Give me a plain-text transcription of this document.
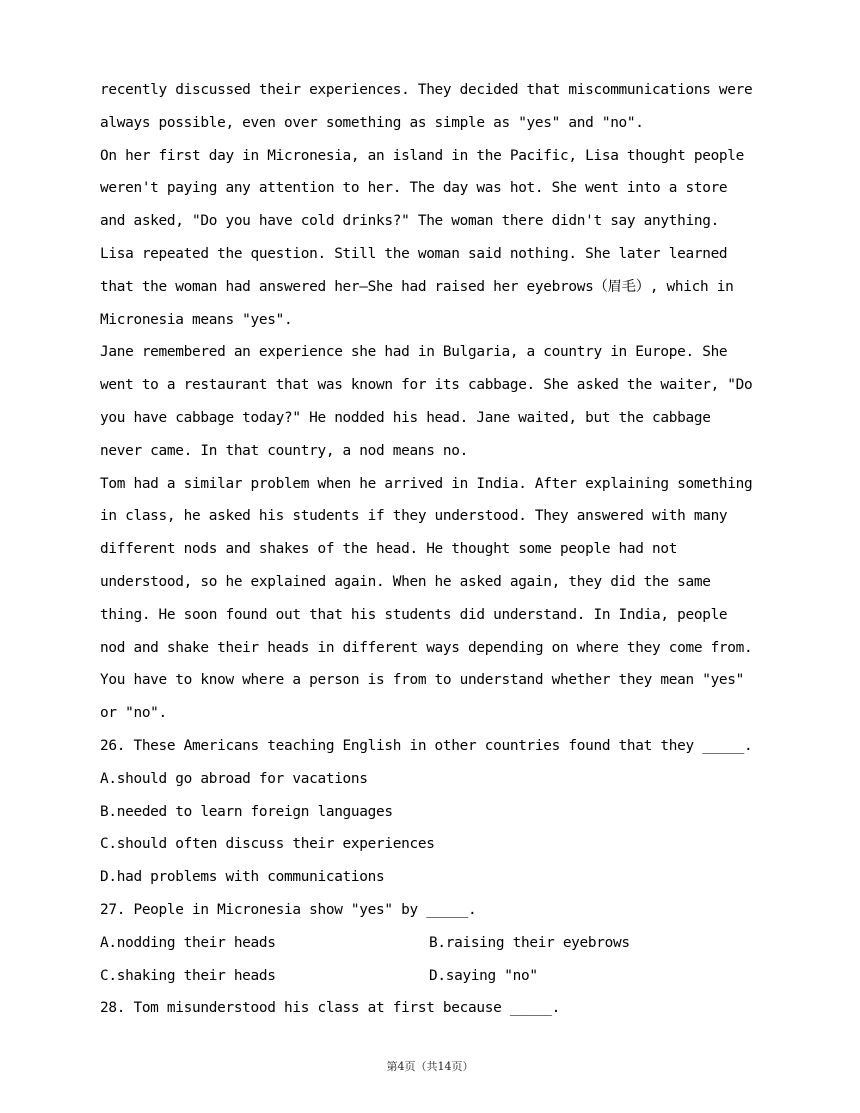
recently discussed their experiences. They decided that miscommunications were
always possible, even over something as simple as "yes" and "no".
On her first day in Micronesia, an island in the Pacific, Lisa thought people
weren't paying any attention to her. The day was hot. She went into a store
and asked, "Do you have cold drinks?" The woman there didn't say anything.
Lisa repeated the question. Still the woman said nothing. She later learned
that the woman had answered her—She had raised her eyebrows（眉毛）, which in
Micronesia means "yes".
Jane remembered an experience she had in Bulgaria, a country in Europe. She
went to a restaurant that was known for its cabbage. She asked the waiter, "Do
you have cabbage today?" He nodded his head. Jane waited, but the cabbage
never came. In that country, a nod means no.
Tom had a similar problem when he arrived in India. After explaining something
in class, he asked his students if they understood. They answered with many
different nods and shakes of the head. He thought some people had not
understood, so he explained again. When he asked again, they did the same
thing. He soon found out that his students did understand. In India, people
nod and shake their heads in different ways depending on where they come from.
You have to know where a person is from to understand whether they mean "yes"
or "no".
26. These Americans teaching English in other countries found that they _____.
A.should go abroad for vacations
B.needed to learn foreign languages
C.should often discuss their experiences
D.had problems with communications
27. People in Micronesia show "yes" by _____.
A.nodding their heads	B.raising their eyebrows
C.shaking their heads	D.saying "no"
28. Tom misunderstood his class at first because _____.
第4页（共14页）
